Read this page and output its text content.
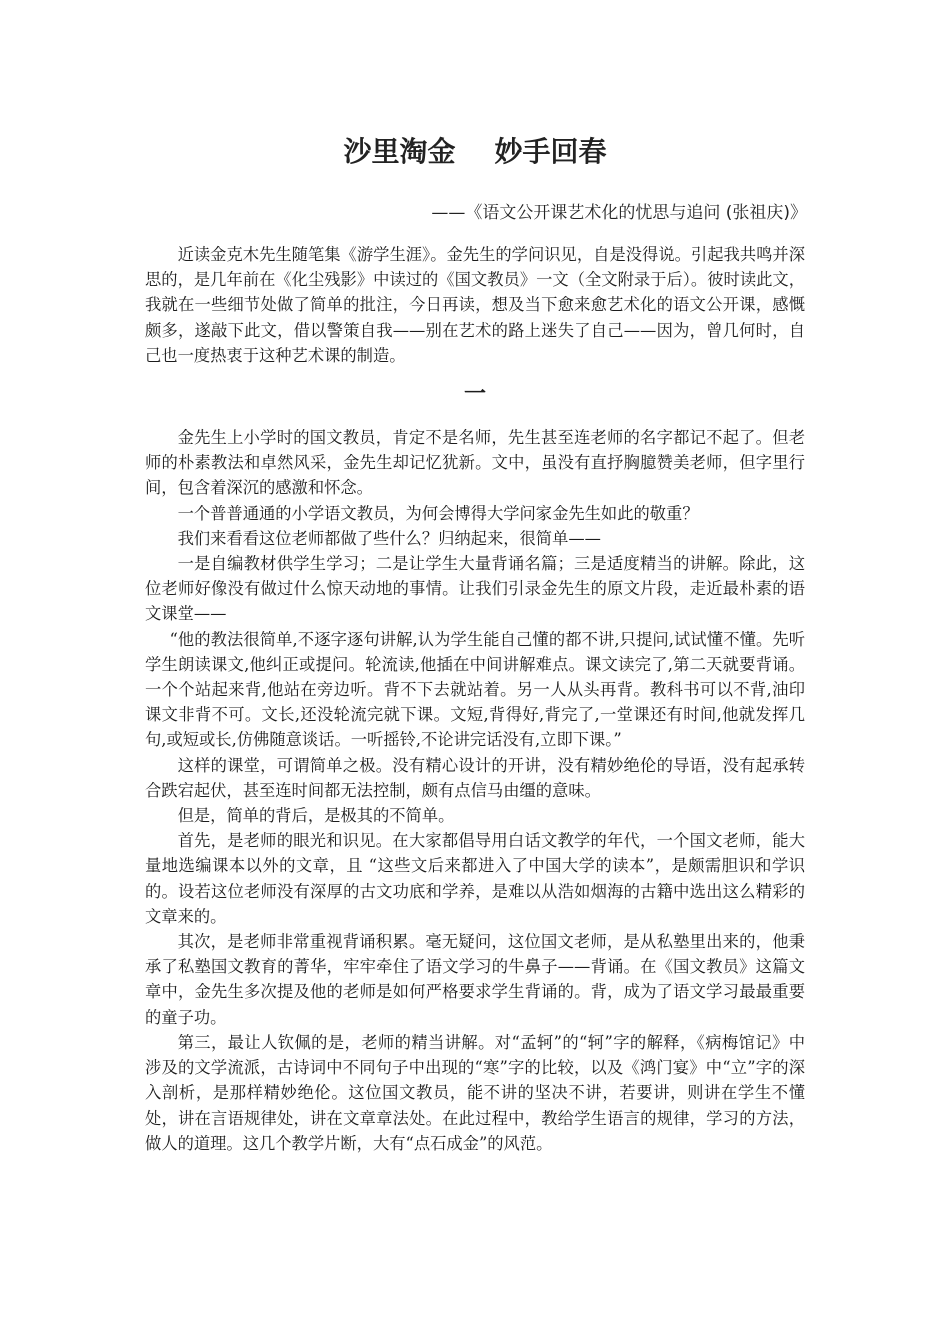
沙里淘金    妙手回春
——《语文公开课艺术化的忧思与追问 (张祖庆)》

近读金克木先生随笔集《游学生涯》。金先生的学问识见，自是没得说。引起我共鸣并深思的，是几年前在《化尘残影》中读过的《国文教员》一文（全文附录于后）。彼时读此文，我就在一些细节处做了简单的批注，今日再读，想及当下愈来愈艺术化的语文公开课，感慨颇多，遂敲下此文，借以警策自我——别在艺术的路上迷失了自己——因为，曾几何时，自己也一度热衷于这种艺术课的制造。

一

金先生上小学时的国文教员，肯定不是名师，先生甚至连老师的名字都记不起了。但老师的朴素教法和卓然风采，金先生却记忆犹新。文中，虽没有直抒胸臆赞美老师，但字里行间，包含着深沉的感激和怀念。

一个普普通通的小学语文教员，为何会博得大学问家金先生如此的敬重？

我们来看看这位老师都做了些什么？归纳起来，很简单——

一是自编教材供学生学习；二是让学生大量背诵名篇；三是适度精当的讲解。除此，这位老师好像没有做过什么惊天动地的事情。让我们引录金先生的原文片段，走近最朴素的语文课堂——

“他的教法很简单,不逐字逐句讲解,认为学生能自己懂的都不讲,只提问,试试懂不懂。先听学生朗读课文,他纠正或提问。轮流读,他插在中间讲解难点。课文读完了,第二天就要背诵。一个个站起来背,他站在旁边听。背不下去就站着。另一人从头再背。教科书可以不背,油印课文非背不可。文长,还没轮流完就下课。文短,背得好,背完了,一堂课还有时间,他就发挥几句,或短或长,仿佛随意谈话。一听摇铃,不论讲完话没有,立即下课。”

这样的课堂，可谓简单之极。没有精心设计的开讲，没有精妙绝伦的导语，没有起承转合跌宕起伏，甚至连时间都无法控制，颇有点信马由缰的意味。

但是，简单的背后，是极其的不简单。

首先，是老师的眼光和识见。在大家都倡导用白话文教学的年代，一个国文老师，能大量地选编课本以外的文章，且 “这些文后来都进入了中国大学的读本”，是颇需胆识和学识的。设若这位老师没有深厚的古文功底和学养，是难以从浩如烟海的古籍中选出这么精彩的文章来的。

其次，是老师非常重视背诵积累。毫无疑问，这位国文老师，是从私塾里出来的，他秉承了私塾国文教育的菁华，牢牢牵住了语文学习的牛鼻子——背诵。在《国文教员》这篇文章中，金先生多次提及他的老师是如何严格要求学生背诵的。背，成为了语文学习最最重要的童子功。

第三，最让人钦佩的是，老师的精当讲解。对“孟轲”的“轲”字的解释，《病梅馆记》中涉及的文学流派，古诗词中不同句子中出现的“寒”字的比较，以及《鸿门宴》中“立”字的深入剖析，是那样精妙绝伦。这位国文教员，能不讲的坚决不讲，若要讲，则讲在学生不懂处，讲在言语规律处，讲在文章章法处。在此过程中，教给学生语言的规律，学习的方法，做人的道理。这几个教学片断，大有“点石成金”的风范。
